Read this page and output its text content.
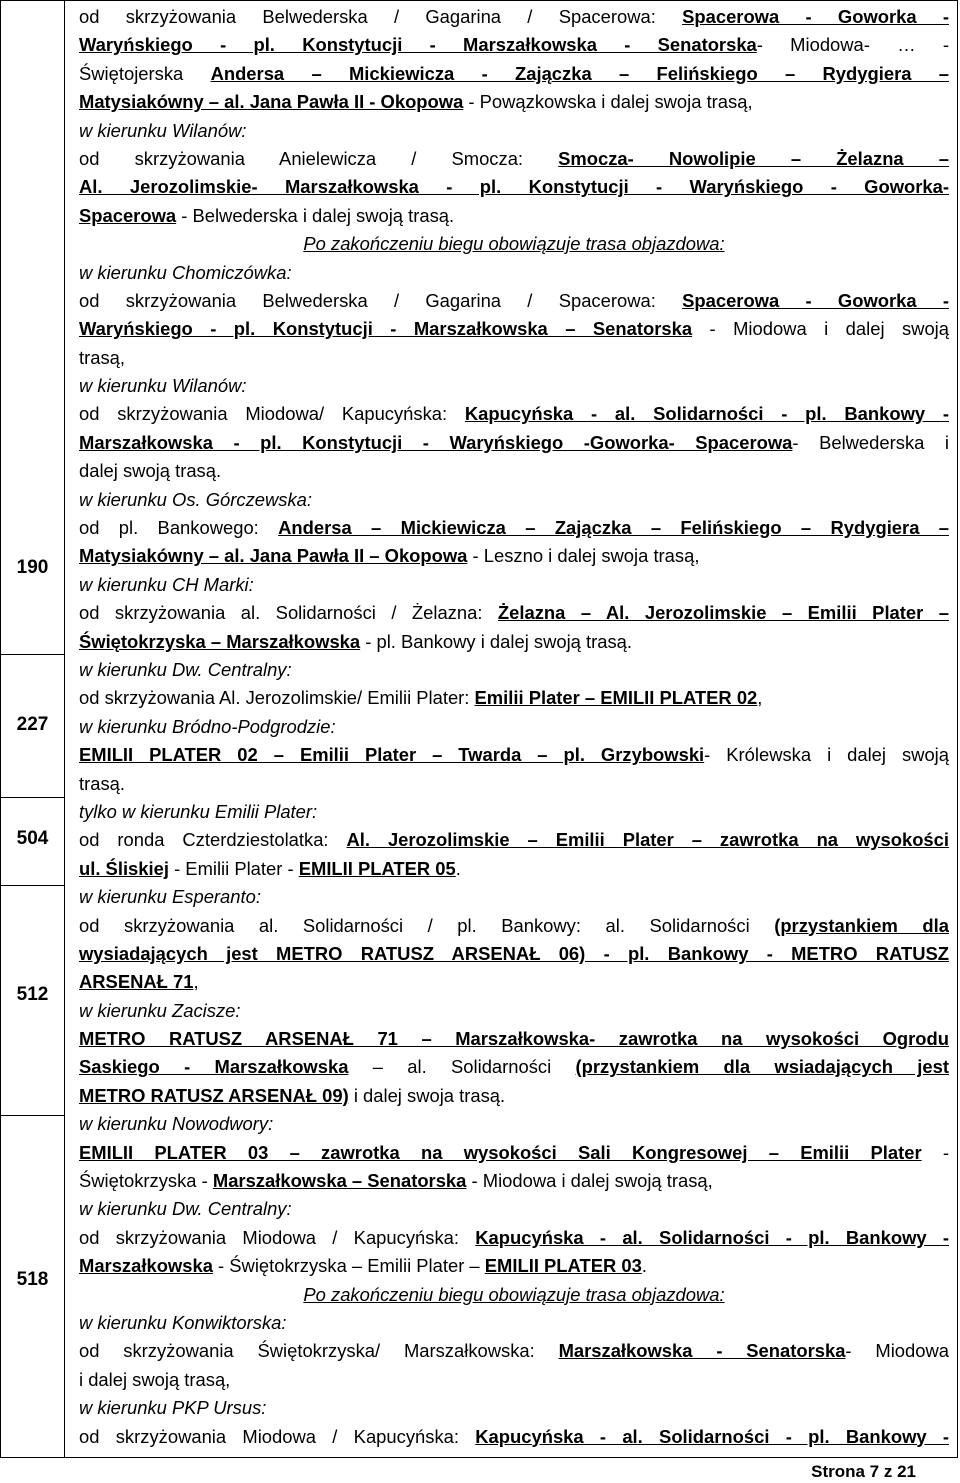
190
227
504
512
518
od skrzyżowania Belwederska / Gagarina / Spacerowa: Spacerowa - Goworka -
Waryńskiego - pl. Konstytucji - Marszałkowska - Senatorska- Miodowa- … -
Świętojerska Andersa – Mickiewicza - Zajączka – Felińskiego – Rydygiera –
Matysiakówny – al. Jana Pawła II - Okopowa - Powązkowska i dalej swoja trasą,
w kierunku Wilanów:
od skrzyżowania Anielewicza / Smocza: Smocza- Nowolipie – Żelazna –
Al. Jerozolimskie- Marszałkowska - pl. Konstytucji - Waryńskiego - Goworka-
Spacerowa - Belwederska i dalej swoją trasą.
Po zakończeniu biegu obowiązuje trasa objazdowa:
w kierunku Chomiczówka:
od skrzyżowania Belwederska / Gagarina / Spacerowa: Spacerowa - Goworka -
Waryńskiego - pl. Konstytucji - Marszałkowska – Senatorska - Miodowa i dalej swoją
trasą,
w kierunku Wilanów:
od skrzyżowania Miodowa/ Kapucyńska: Kapucyńska - al. Solidarności - pl. Bankowy -
Marszałkowska - pl. Konstytucji - Waryńskiego -Goworka- Spacerowa- Belwederska i
dalej swoją trasą.
w kierunku Os. Górczewska:
od pl. Bankowego: Andersa – Mickiewicza – Zajączka – Felińskiego – Rydygiera –
Matysiakówny – al. Jana Pawła II – Okopowa - Leszno i dalej swoja trasą,
w kierunku CH Marki:
od skrzyżowania al. Solidarności / Żelazna: Żelazna – Al. Jerozolimskie – Emilii Plater –
Świętokrzyska – Marszałkowska - pl. Bankowy i dalej swoją trasą.
w kierunku Dw. Centralny:
od skrzyżowania Al. Jerozolimskie/ Emilii Plater: Emilii Plater – EMILII PLATER 02,
w kierunku Bródno-Podgrodzie:
EMILII PLATER 02 – Emilii Plater – Twarda – pl. Grzybowski- Królewska i dalej swoją
trasą.
tylko w kierunku Emilii Plater:
od ronda Czterdziestolatka: Al. Jerozolimskie – Emilii Plater – zawrotka na wysokości
ul. Śliskiej - Emilii Plater - EMILII PLATER 05.
w kierunku Esperanto:
od skrzyżowania al. Solidarności / pl. Bankowy: al. Solidarności (przystankiem dla
wysiadających jest METRO RATUSZ ARSENAŁ 06) - pl. Bankowy - METRO RATUSZ
ARSENAŁ 71,
w kierunku Zacisze:
METRO RATUSZ ARSENAŁ 71 – Marszałkowska- zawrotka na wysokości Ogrodu
Saskiego - Marszałkowska – al. Solidarności (przystankiem dla wsiadających jest
METRO RATUSZ ARSENAŁ 09) i dalej swoja trasą.
w kierunku Nowodwory:
EMILII PLATER 03 – zawrotka na wysokości Sali Kongresowej – Emilii Plater -
Świętokrzyska - Marszałkowska – Senatorska - Miodowa i dalej swoją trasą,
w kierunku Dw. Centralny:
od skrzyżowania Miodowa / Kapucyńska: Kapucyńska - al. Solidarności - pl. Bankowy -
Marszałkowska - Świętokrzyska – Emilii Plater – EMILII PLATER 03.
Po zakończeniu biegu obowiązuje trasa objazdowa:
w kierunku Konwiktorska:
od skrzyżowania Świętokrzyska/ Marszałkowska: Marszałkowska - Senatorska- Miodowa
i dalej swoją trasą,
w kierunku PKP Ursus:
od skrzyżowania Miodowa / Kapucyńska: Kapucyńska - al. Solidarności - pl. Bankowy -
Strona 7 z 21
